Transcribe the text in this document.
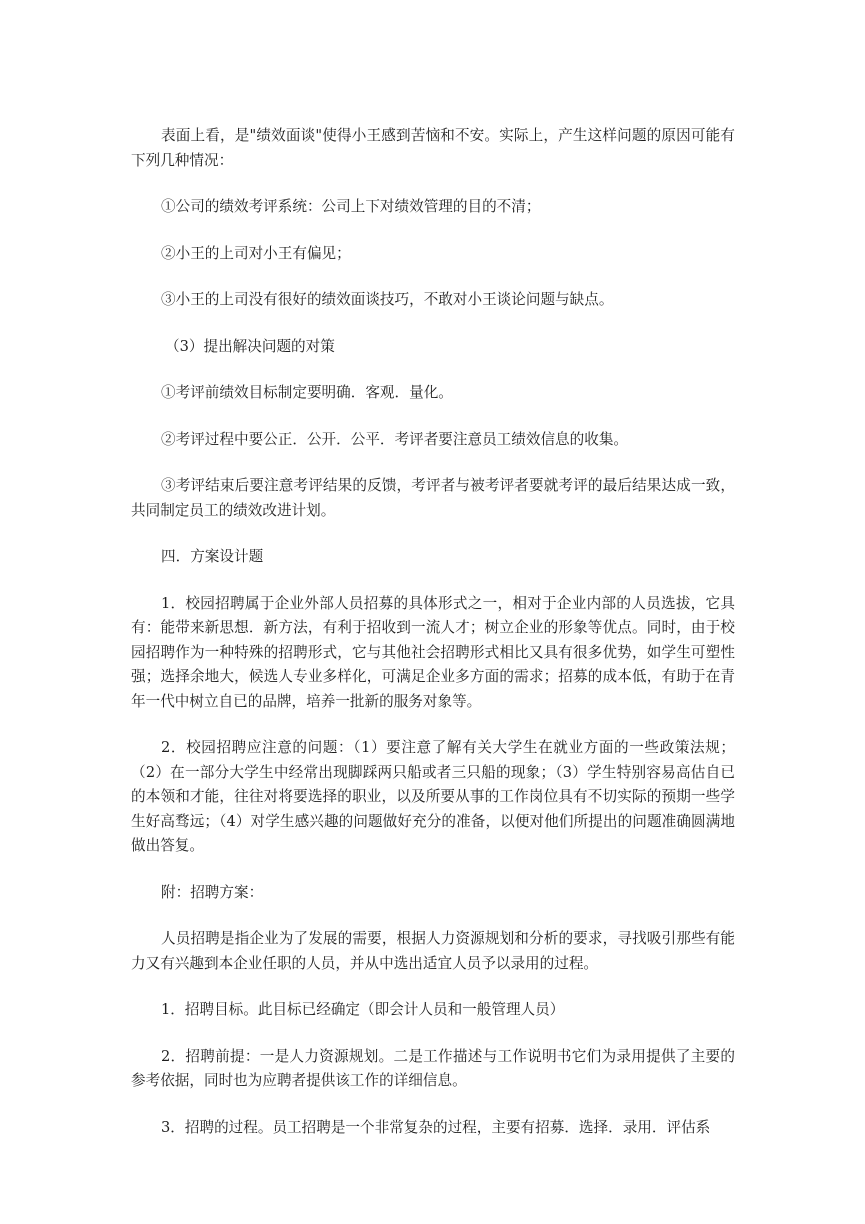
表面上看，是"绩效面谈"使得小王感到苦恼和不安。实际上，产生这样问题的原因可能有下列几种情况：

①公司的绩效考评系统：公司上下对绩效管理的目的不清；

②小王的上司对小王有偏见；

③小王的上司没有很好的绩效面谈技巧，不敢对小王谈论问题与缺点。

（3）提出解决问题的对策

①考评前绩效目标制定要明确．客观．量化。

②考评过程中要公正．公开．公平．考评者要注意员工绩效信息的收集。

③考评结束后要注意考评结果的反馈，考评者与被考评者要就考评的最后结果达成一致，共同制定员工的绩效改进计划。

四．方案设计题

1．校园招聘属于企业外部人员招募的具体形式之一，相对于企业内部的人员选拔，它具有：能带来新思想．新方法，有利于招收到一流人才；树立企业的形象等优点。同时，由于校园招聘作为一种特殊的招聘形式，它与其他社会招聘形式相比又具有很多优势，如学生可塑性强；选择余地大，候选人专业多样化，可满足企业多方面的需求；招募的成本低，有助于在青年一代中树立自已的品牌，培养一批新的服务对象等。

2．校园招聘应注意的问题：（1）要注意了解有关大学生在就业方面的一些政策法规；（2）在一部分大学生中经常出现脚踩两只船或者三只船的现象；（3）学生特别容易高估自已的本领和才能，往往对将要选择的职业，以及所要从事的工作岗位具有不切实际的预期一些学生好高骛远；（4）对学生感兴趣的问题做好充分的准备，以便对他们所提出的问题准确圆满地做出答复。

附：招聘方案：

人员招聘是指企业为了发展的需要，根据人力资源规划和分析的要求，寻找吸引那些有能力又有兴趣到本企业任职的人员，并从中选出适宜人员予以录用的过程。

1．招聘目标。此目标已经确定（即会计人员和一般管理人员）

2．招聘前提：一是人力资源规划。二是工作描述与工作说明书它们为录用提供了主要的参考依据，同时也为应聘者提供该工作的详细信息。

3．招聘的过程。员工招聘是一个非常复杂的过程，主要有招募．选择．录用．评估系
